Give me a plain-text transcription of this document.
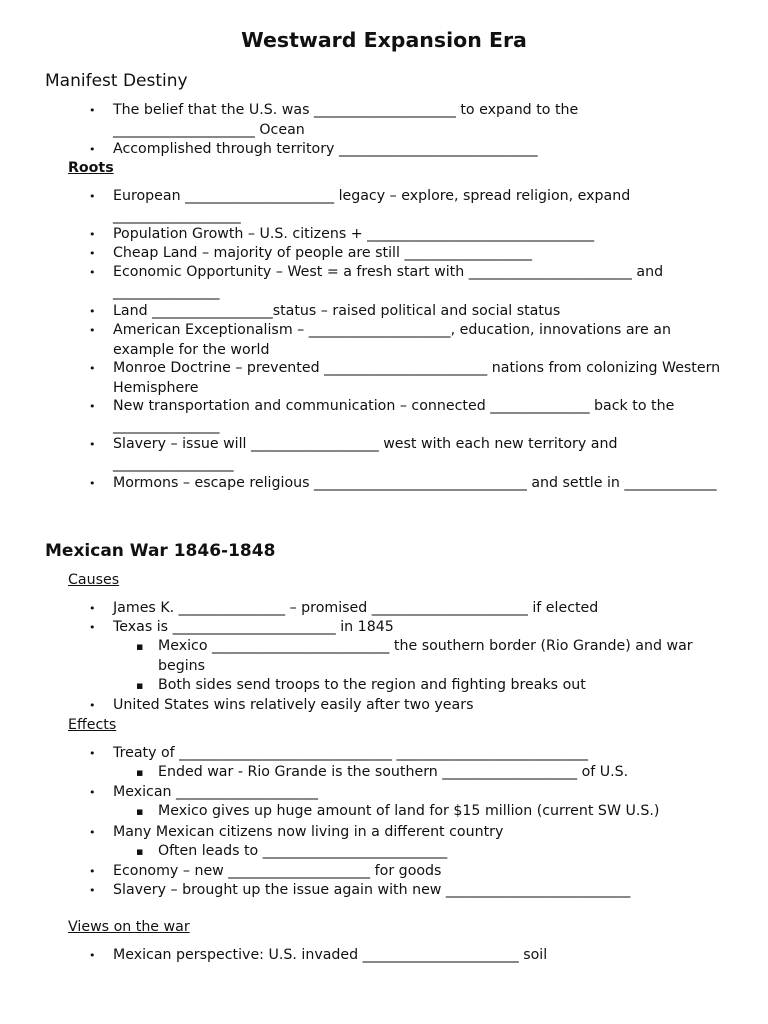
Westward Expansion Era
Manifest Destiny
• The belief that the U.S. was ____________________ to expand to the ____________________ Ocean
• Accomplished through territory ____________________________
Roots
• European _____________________ legacy – explore, spread religion, expand __________________
• Population Growth – U.S. citizens + ________________________________
• Cheap Land – majority of people are still __________________
• Economic Opportunity – West = a fresh start with _______________________ and _______________
• Land _________________status – raised political and social status
• American Exceptionalism – ____________________, education, innovations are an example for the world
• Monroe Doctrine – prevented _______________________ nations from colonizing Western Hemisphere
• New transportation and communication – connected ______________ back to the _______________
• Slavery – issue will __________________ west with each new territory and _________________
• Mormons – escape religious ______________________________ and settle in _____________
Mexican War 1846-1848
Causes
• James K. _______________ – promised ______________________ if elected
• Texas is _______________________ in 1845
▪ Mexico _________________________ the southern border (Rio Grande) and war begins
▪ Both sides send troops to the region and fighting breaks out
• United States wins relatively easily after two years
Effects
• Treaty of ______________________________ ___________________________
▪ Ended war - Rio Grande is the southern ___________________ of U.S.
• Mexican ____________________
▪ Mexico gives up huge amount of land for $15 million (current SW U.S.)
• Many Mexican citizens now living in a different country
▪ Often leads to __________________________
• Economy – new ____________________ for goods
• Slavery – brought up the issue again with new __________________________
Views on the war
• Mexican perspective: U.S. invaded ______________________ soil
